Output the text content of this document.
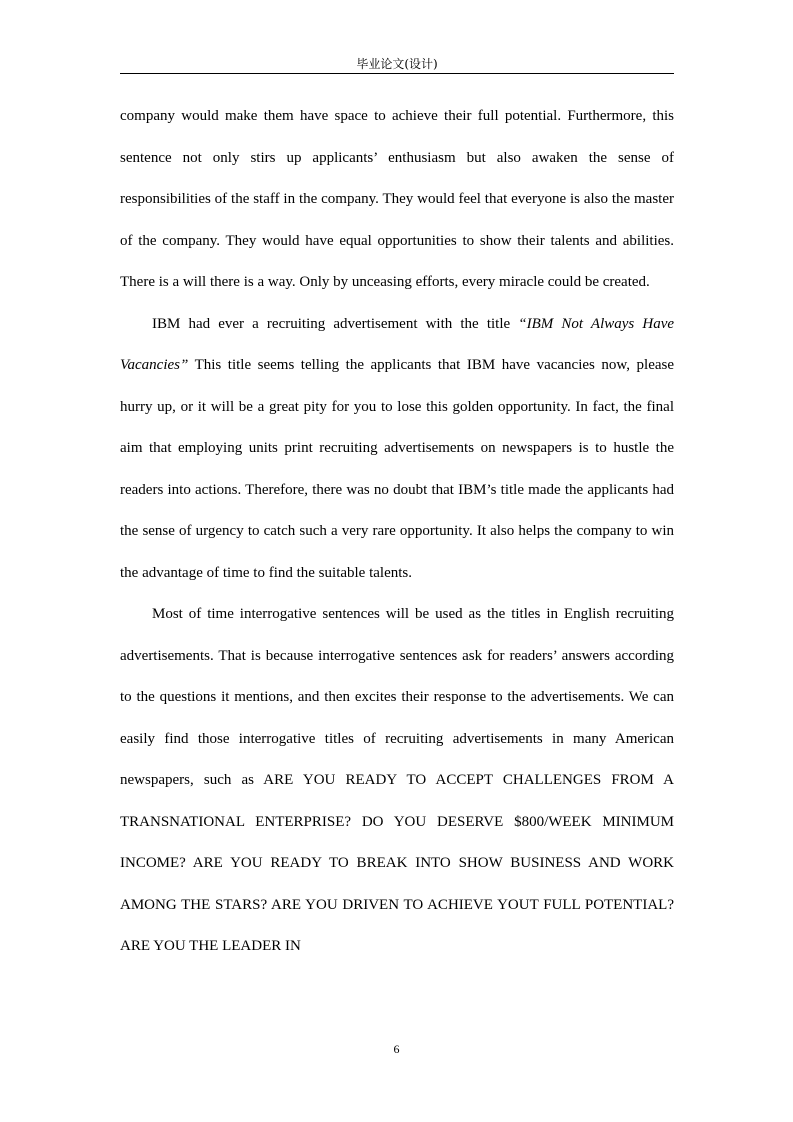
毕业论文(设计)

company would make them have space to achieve their full potential. Furthermore, this sentence not only stirs up applicants’ enthusiasm but also awaken the sense of responsibilities of the staff in the company. They would feel that everyone is also the master of the company. They would have equal opportunities to show their talents and abilities. There is a will there is a way. Only by unceasing efforts, every miracle could be created.

IBM had ever a recruiting advertisement with the title “IBM Not Always Have Vacancies” This title seems telling the applicants that IBM have vacancies now, please hurry up, or it will be a great pity for you to lose this golden opportunity. In fact, the final aim that employing units print recruiting advertisements on newspapers is to hustle the readers into actions. Therefore, there was no doubt that IBM’s title made the applicants had the sense of urgency to catch such a very rare opportunity. It also helps the company to win the advantage of time to find the suitable talents.

Most of time interrogative sentences will be used as the titles in English recruiting advertisements. That is because interrogative sentences ask for readers’ answers according to the questions it mentions, and then excites their response to the advertisements. We can easily find those interrogative titles of recruiting advertisements in many American newspapers, such as ARE YOU READY TO ACCEPT CHALLENGES FROM A TRANSNATIONAL ENTERPRISE? DO YOU DESERVE $800/WEEK MINIMUM INCOME? ARE YOU READY TO BREAK INTO SHOW BUSINESS AND WORK AMONG THE STARS? ARE YOU DRIVEN TO ACHIEVE YOUT FULL POTENTIAL? ARE YOU THE LEADER IN

6
